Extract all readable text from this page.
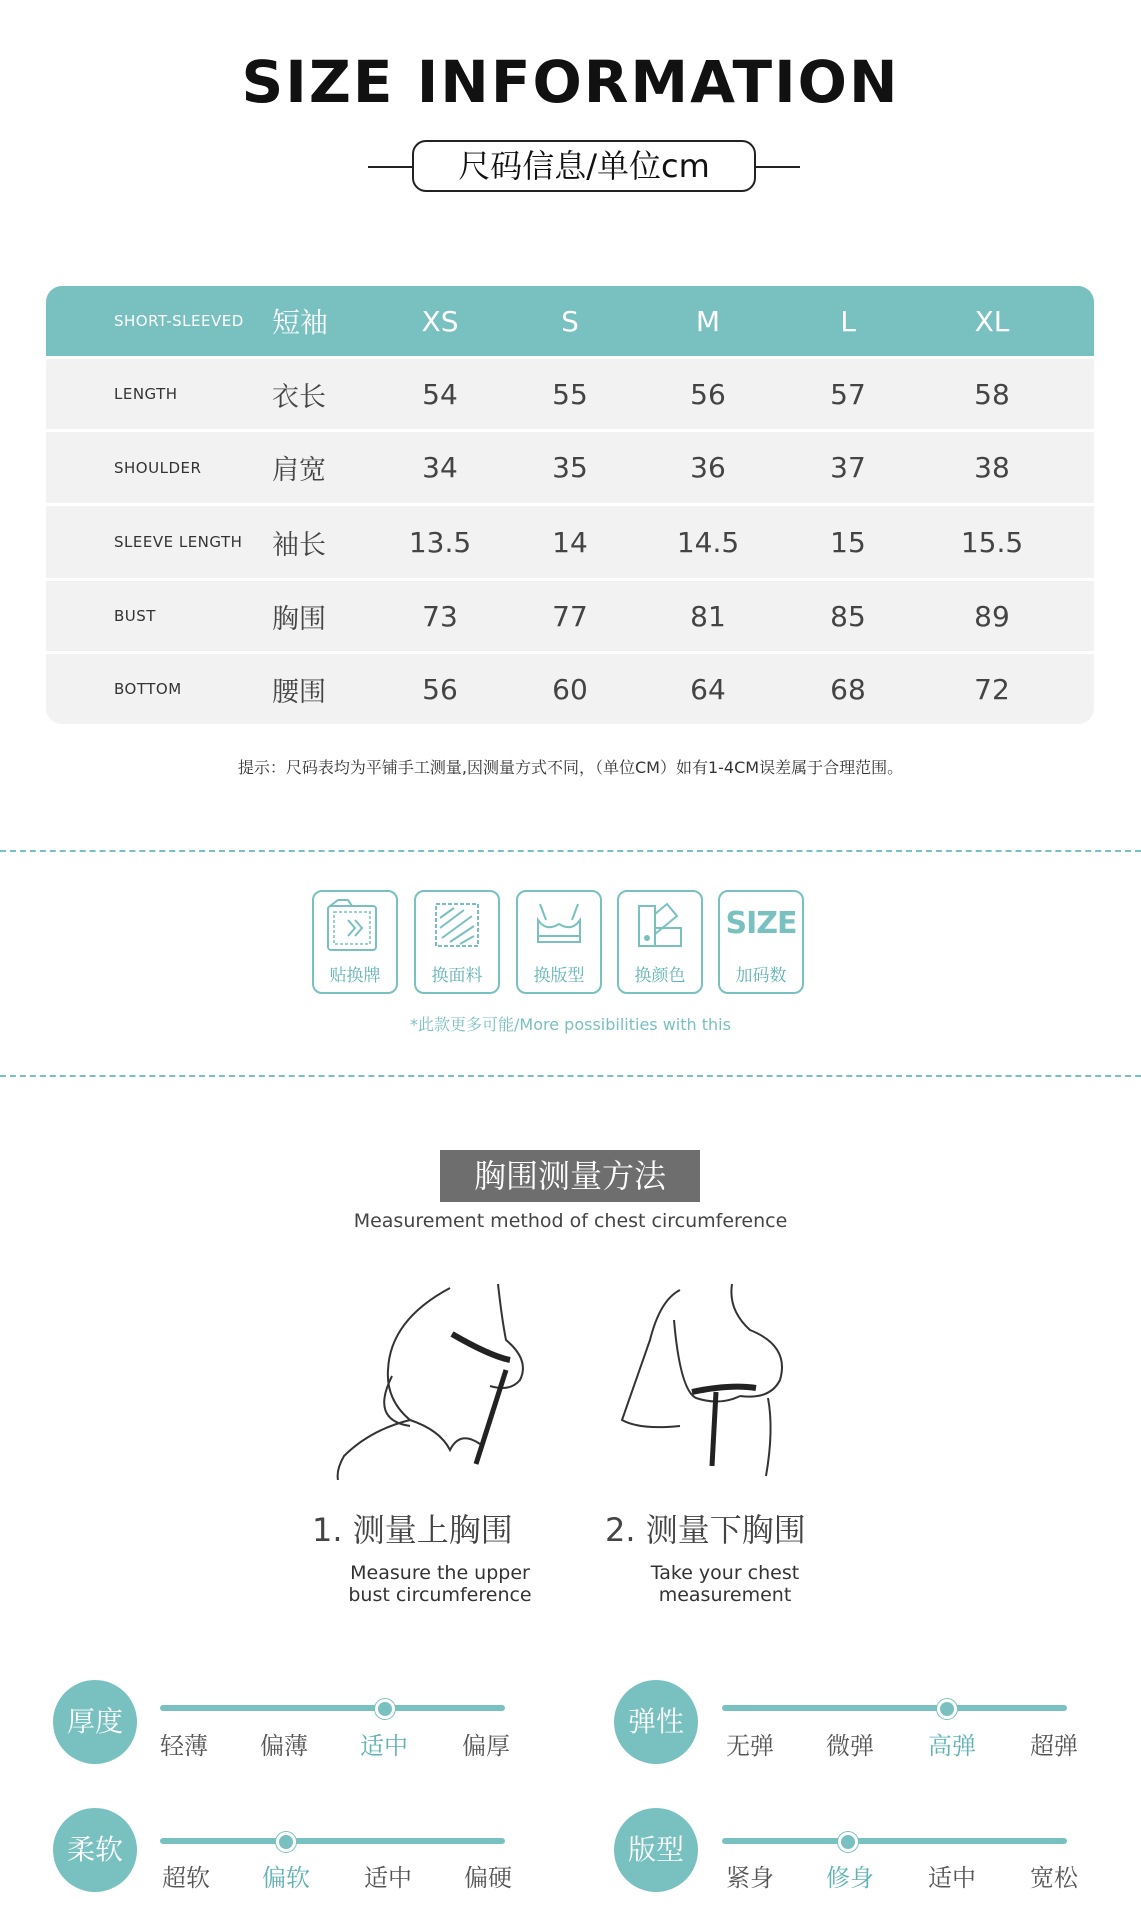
SIZE INFORMATION
尺码信息/单位cm
SHORT-SLEEVED	短袖	XS	S	M	L	XL
LENGTH	衣长	54	55	56	57	58
SHOULDER	肩宽	34	35	36	37	38
SLEEVE LENGTH	袖长	13.5	14	14.5	15	15.5
BUST	胸围	73	77	81	85	89
BOTTOM	腰围	56	60	64	68	72
提示：尺码表均为平铺手工测量,因测量方式不同，（单位CM）如有1-4CM误差属于合理范围。
贴换牌	换面料	换版型	换颜色
SIZE
加码数
*此款更多可能/More possibilities with this
胸围测量方法
Measurement method of chest circumference
1. 测量上胸围
Measure the upper
bust circumference
2. 测量下胸围
Take your chest
measurement
厚度
轻薄	偏薄	适中	偏厚
弹性
无弹	微弹	高弹	超弹
柔软
超软	偏软	适中	偏硬
版型
紧身	修身	适中	宽松
